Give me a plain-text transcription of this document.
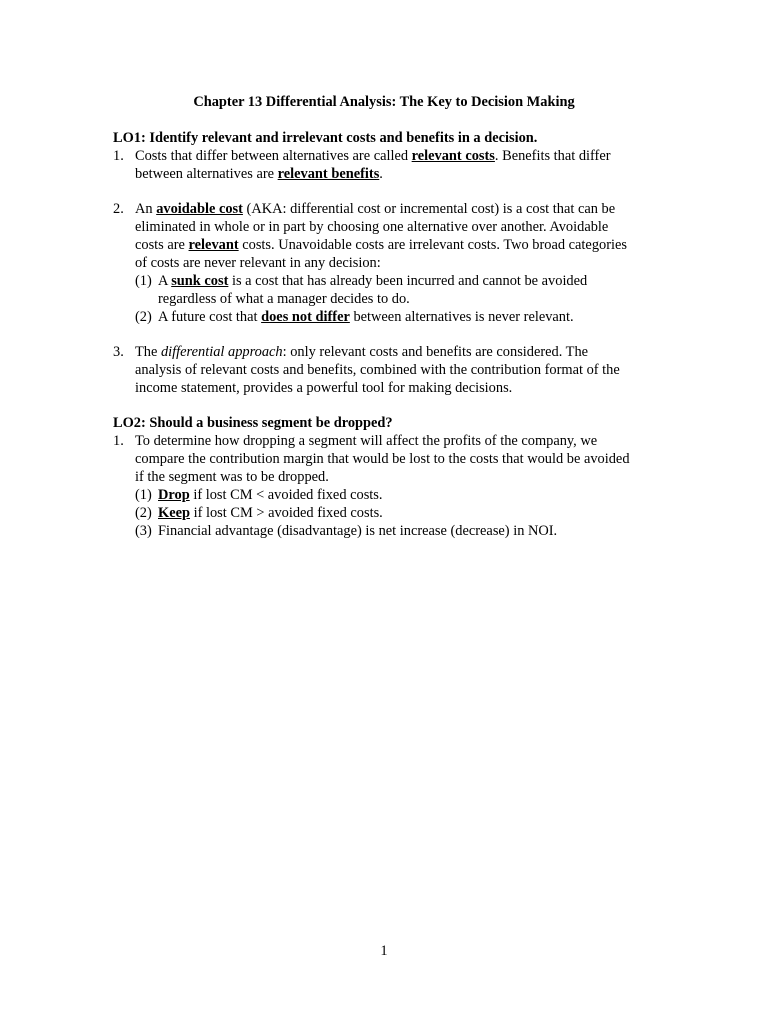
Chapter 13 Differential Analysis: The Key to Decision Making

LO1: Identify relevant and irrelevant costs and benefits in a decision.

1. Costs that differ between alternatives are called relevant costs. Benefits that differ
between alternatives are relevant benefits.
2. An avoidable cost (AKA: differential cost or incremental cost) is a cost that can be
eliminated in whole or in part by choosing one alternative over another. Avoidable
costs are relevant costs. Unavoidable costs are irrelevant costs. Two broad categories
of costs are never relevant in any decision:
(1) A sunk cost is a cost that has already been incurred and cannot be avoided
regardless of what a manager decides to do.
(2) A future cost that does not differ between alternatives is never relevant.
3. The differential approach: only relevant costs and benefits are considered. The
analysis of relevant costs and benefits, combined with the contribution format of the
income statement, provides a powerful tool for making decisions.

LO2: Should a business segment be dropped?

1. To determine how dropping a segment will affect the profits of the company, we
compare the contribution margin that would be lost to the costs that would be avoided
if the segment was to be dropped.
(1) Drop if lost CM < avoided fixed costs.
(2) Keep if lost CM > avoided fixed costs.
(3) Financial advantage (disadvantage) is net increase (decrease) in NOI.
1
